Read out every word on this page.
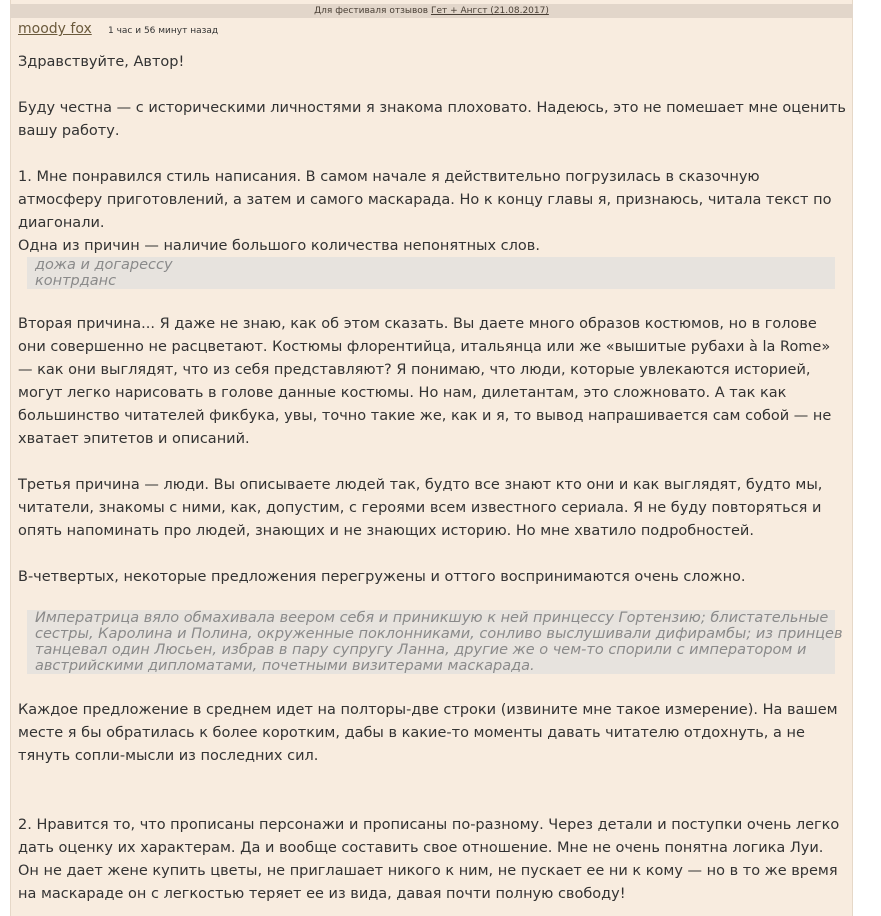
Для фестиваля отзывов Гет + Ангст (21.08.2017)
moody fox 1 час и 56 минут назад

Здравствуйте, Автор!

Буду честна — с историческими личностями я знакома плоховато. Надеюсь, это не помешает мне оценить вашу работу.

1. Мне понравился стиль написания. В самом начале я действительно погрузилась в сказочную атмосферу приготовлений, а затем и самого маскарада. Но к концу главы я, признаюсь, читала текст по диагонали.

Одна из причин — наличие большого количества непонятных слов.

дожа и догарессу
контрданс

Вторая причина... Я даже не знаю, как об этом сказать. Вы даете много образов костюмов, но в голове они совершенно не расцветают. Костюмы флорентийца, итальянца или же «вышитые рубахи à la Rome» — как они выглядят, что из себя представляют? Я понимаю, что люди, которые увлекаются историей, могут легко нарисовать в голове данные костюмы. Но нам, дилетантам, это сложновато. А так как большинство читателей фикбука, увы, точно такие же, как и я, то вывод напрашивается сам собой — не хватает эпитетов и описаний.

Третья причина — люди. Вы описываете людей так, будто все знают кто они и как выглядят, будто мы, читатели, знакомы с ними, как, допустим, с героями всем известного сериала. Я не буду повторяться и опять напоминать про людей, знающих и не знающих историю. Но мне хватило подробностей.

В-четвертых, некоторые предложения перегружены и оттого воспринимаются очень сложно.

Императрица вяло обмахивала веером себя и приникшую к ней принцессу Гортензию; блистательные
сестры, Каролина и Полина, окруженные поклонниками, сонливо выслушивали дифирамбы; из принцев
танцевал один Люсьен, избрав в пару супругу Ланна, другие же о чем-то спорили с императором и
австрийскими дипломатами, почетными визитерами маскарада.

Каждое предложение в среднем идет на полторы-две строки (извините мне такое измерение). На вашем месте я бы обратилась к более коротким, дабы в какие-то моменты давать читателю отдохнуть, а не тянуть сопли-мысли из последних сил.

2. Нравится то, что прописаны персонажи и прописаны по-разному. Через детали и поступки очень легко дать оценку их характерам. Да и вообще составить свое отношение. Мне не очень понятна логика Луи. Он не дает жене купить цветы, не приглашает никого к ним, не пускает ее ни к кому — но в то же время на маскараде он с легкостью теряет ее из вида, давая почти полную свободу!
